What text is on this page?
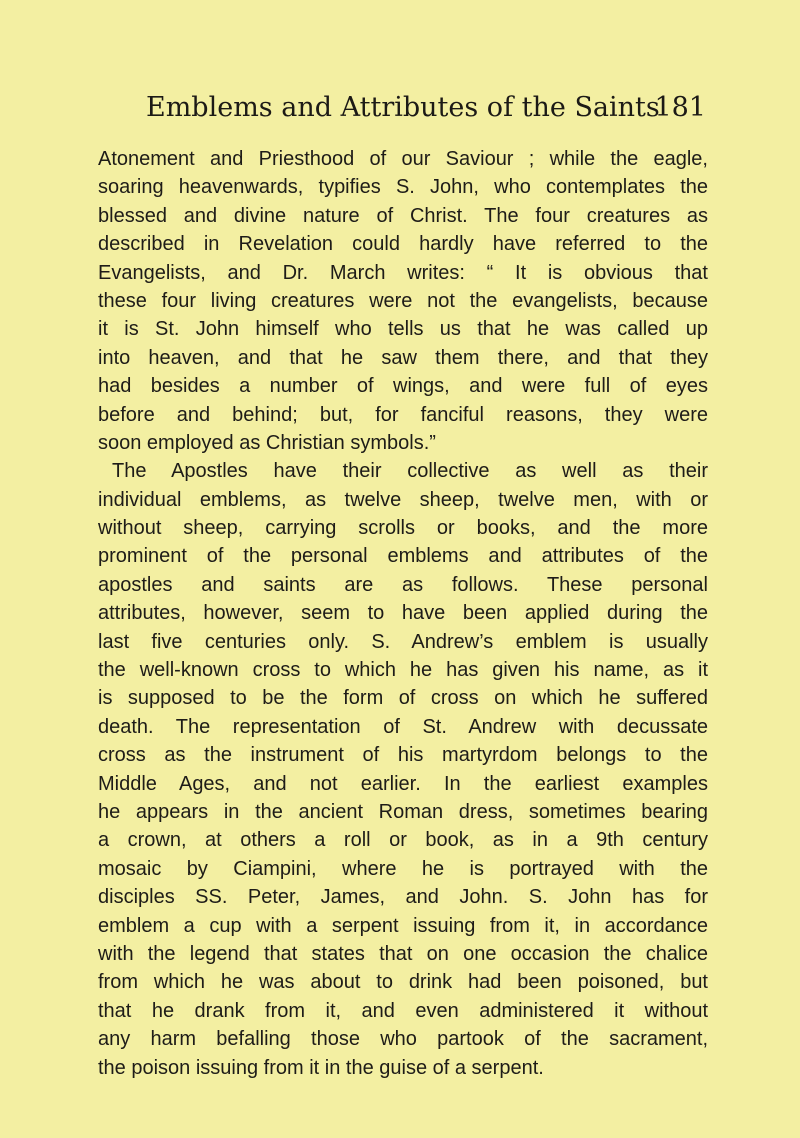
Emblems and Attributes of the Saints
181
Atonement and Priesthood of our Saviour ; while the eagle,
soaring heavenwards, typifies S. John, who contemplates the
blessed and divine nature of Christ. The four creatures as
described in Revelation could hardly have referred to the
Evangelists, and Dr. March writes: “ It is obvious that
these four living creatures were not the evangelists, because
it is St. John himself who tells us that he was called up
into heaven, and that he saw them there, and that they
had besides a number of wings, and were full of eyes
before and behind; but, for fanciful reasons, they were
soon employed as Christian symbols.”
The Apostles have their collective as well as their
individual emblems, as twelve sheep, twelve men, with or
without sheep, carrying scrolls or books, and the more
prominent of the personal emblems and attributes of the
apostles and saints are as follows. These personal
attributes, however, seem to have been applied during the
last five centuries only. S. Andrew’s emblem is usually
the well-known cross to which he has given his name, as it
is supposed to be the form of cross on which he suffered
death. The representation of St. Andrew with decussate
cross as the instrument of his martyrdom belongs to the
Middle Ages, and not earlier. In the earliest examples
he appears in the ancient Roman dress, sometimes bearing
a crown, at others a roll or book, as in a 9th century
mosaic by Ciampini, where he is portrayed with the
disciples SS. Peter, James, and John. S. John has for
emblem a cup with a serpent issuing from it, in accordance
with the legend that states that on one occasion the chalice
from which he was about to drink had been poisoned, but
that he drank from it, and even administered it without
any harm befalling those who partook of the sacrament,
the poison issuing from it in the guise of a serpent.
